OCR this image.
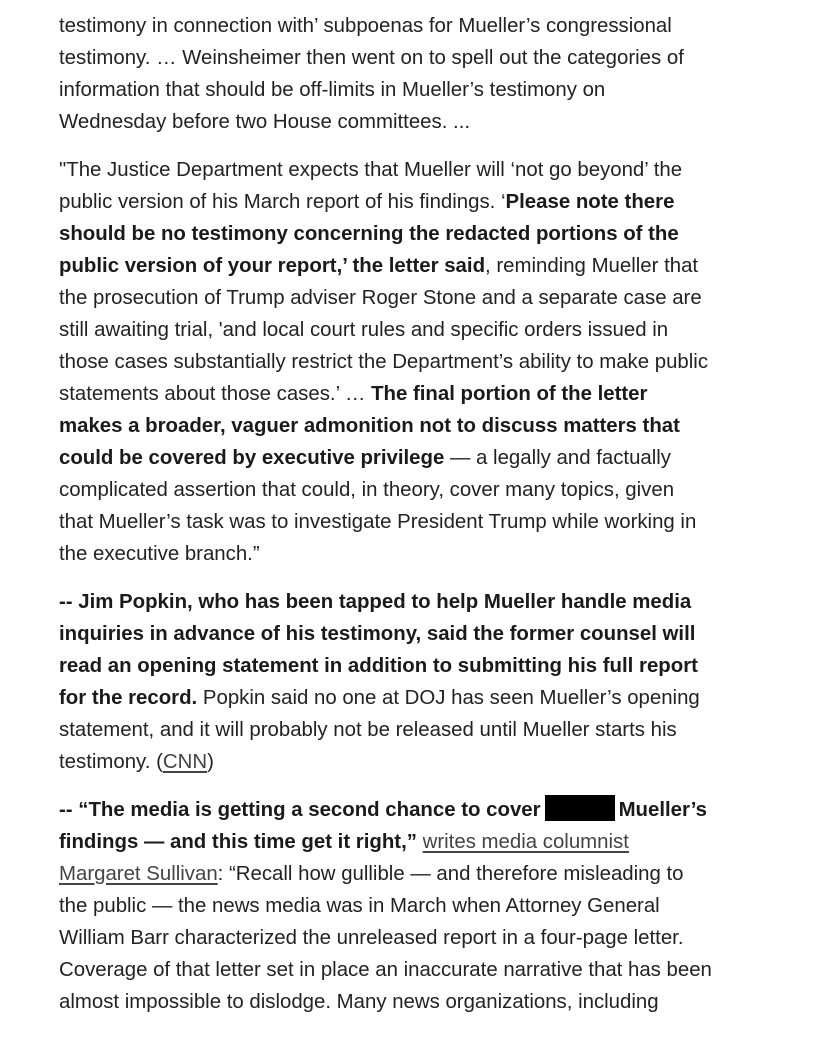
testimony in connection with’ subpoenas for Mueller’s congressional
testimony. … Weinsheimer then went on to spell out the categories of
information that should be off-limits in Mueller’s testimony on
Wednesday before two House committees. ...

"The Justice Department expects that Mueller will ‘not go beyond’ the
public version of his March report of his findings. ‘Please note there
should be no testimony concerning the redacted portions of the
public version of your report,’ the letter said, reminding Mueller that
the prosecution of Trump adviser Roger Stone and a separate case are
still awaiting trial, 'and local court rules and specific orders issued in
those cases substantially restrict the Department’s ability to make public
statements about those cases.’ … The final portion of the letter
makes a broader, vaguer admonition not to discuss matters that
could be covered by executive privilege — a legally and factually
complicated assertion that could, in theory, cover many topics, given
that Mueller’s task was to investigate President Trump while working in
the executive branch.”

-- Jim Popkin, who has been tapped to help Mueller handle media
inquiries in advance of his testimony, said the former counsel will
read an opening statement in addition to submitting his full report
for the record. Popkin said no one at DOJ has seen Mueller’s opening
statement, and it will probably not be released until Mueller starts his
testimony. (CNN)

-- “The media is getting a second chance to cover	Mueller’s
findings — and this time get it right,” writes media columnist
Margaret Sullivan: “Recall how gullible — and therefore misleading to
the public — the news media was in March when Attorney General
William Barr characterized the unreleased report in a four-page letter.
Coverage of that letter set in place an inaccurate narrative that has been
almost impossible to dislodge. Many news organizations, including
